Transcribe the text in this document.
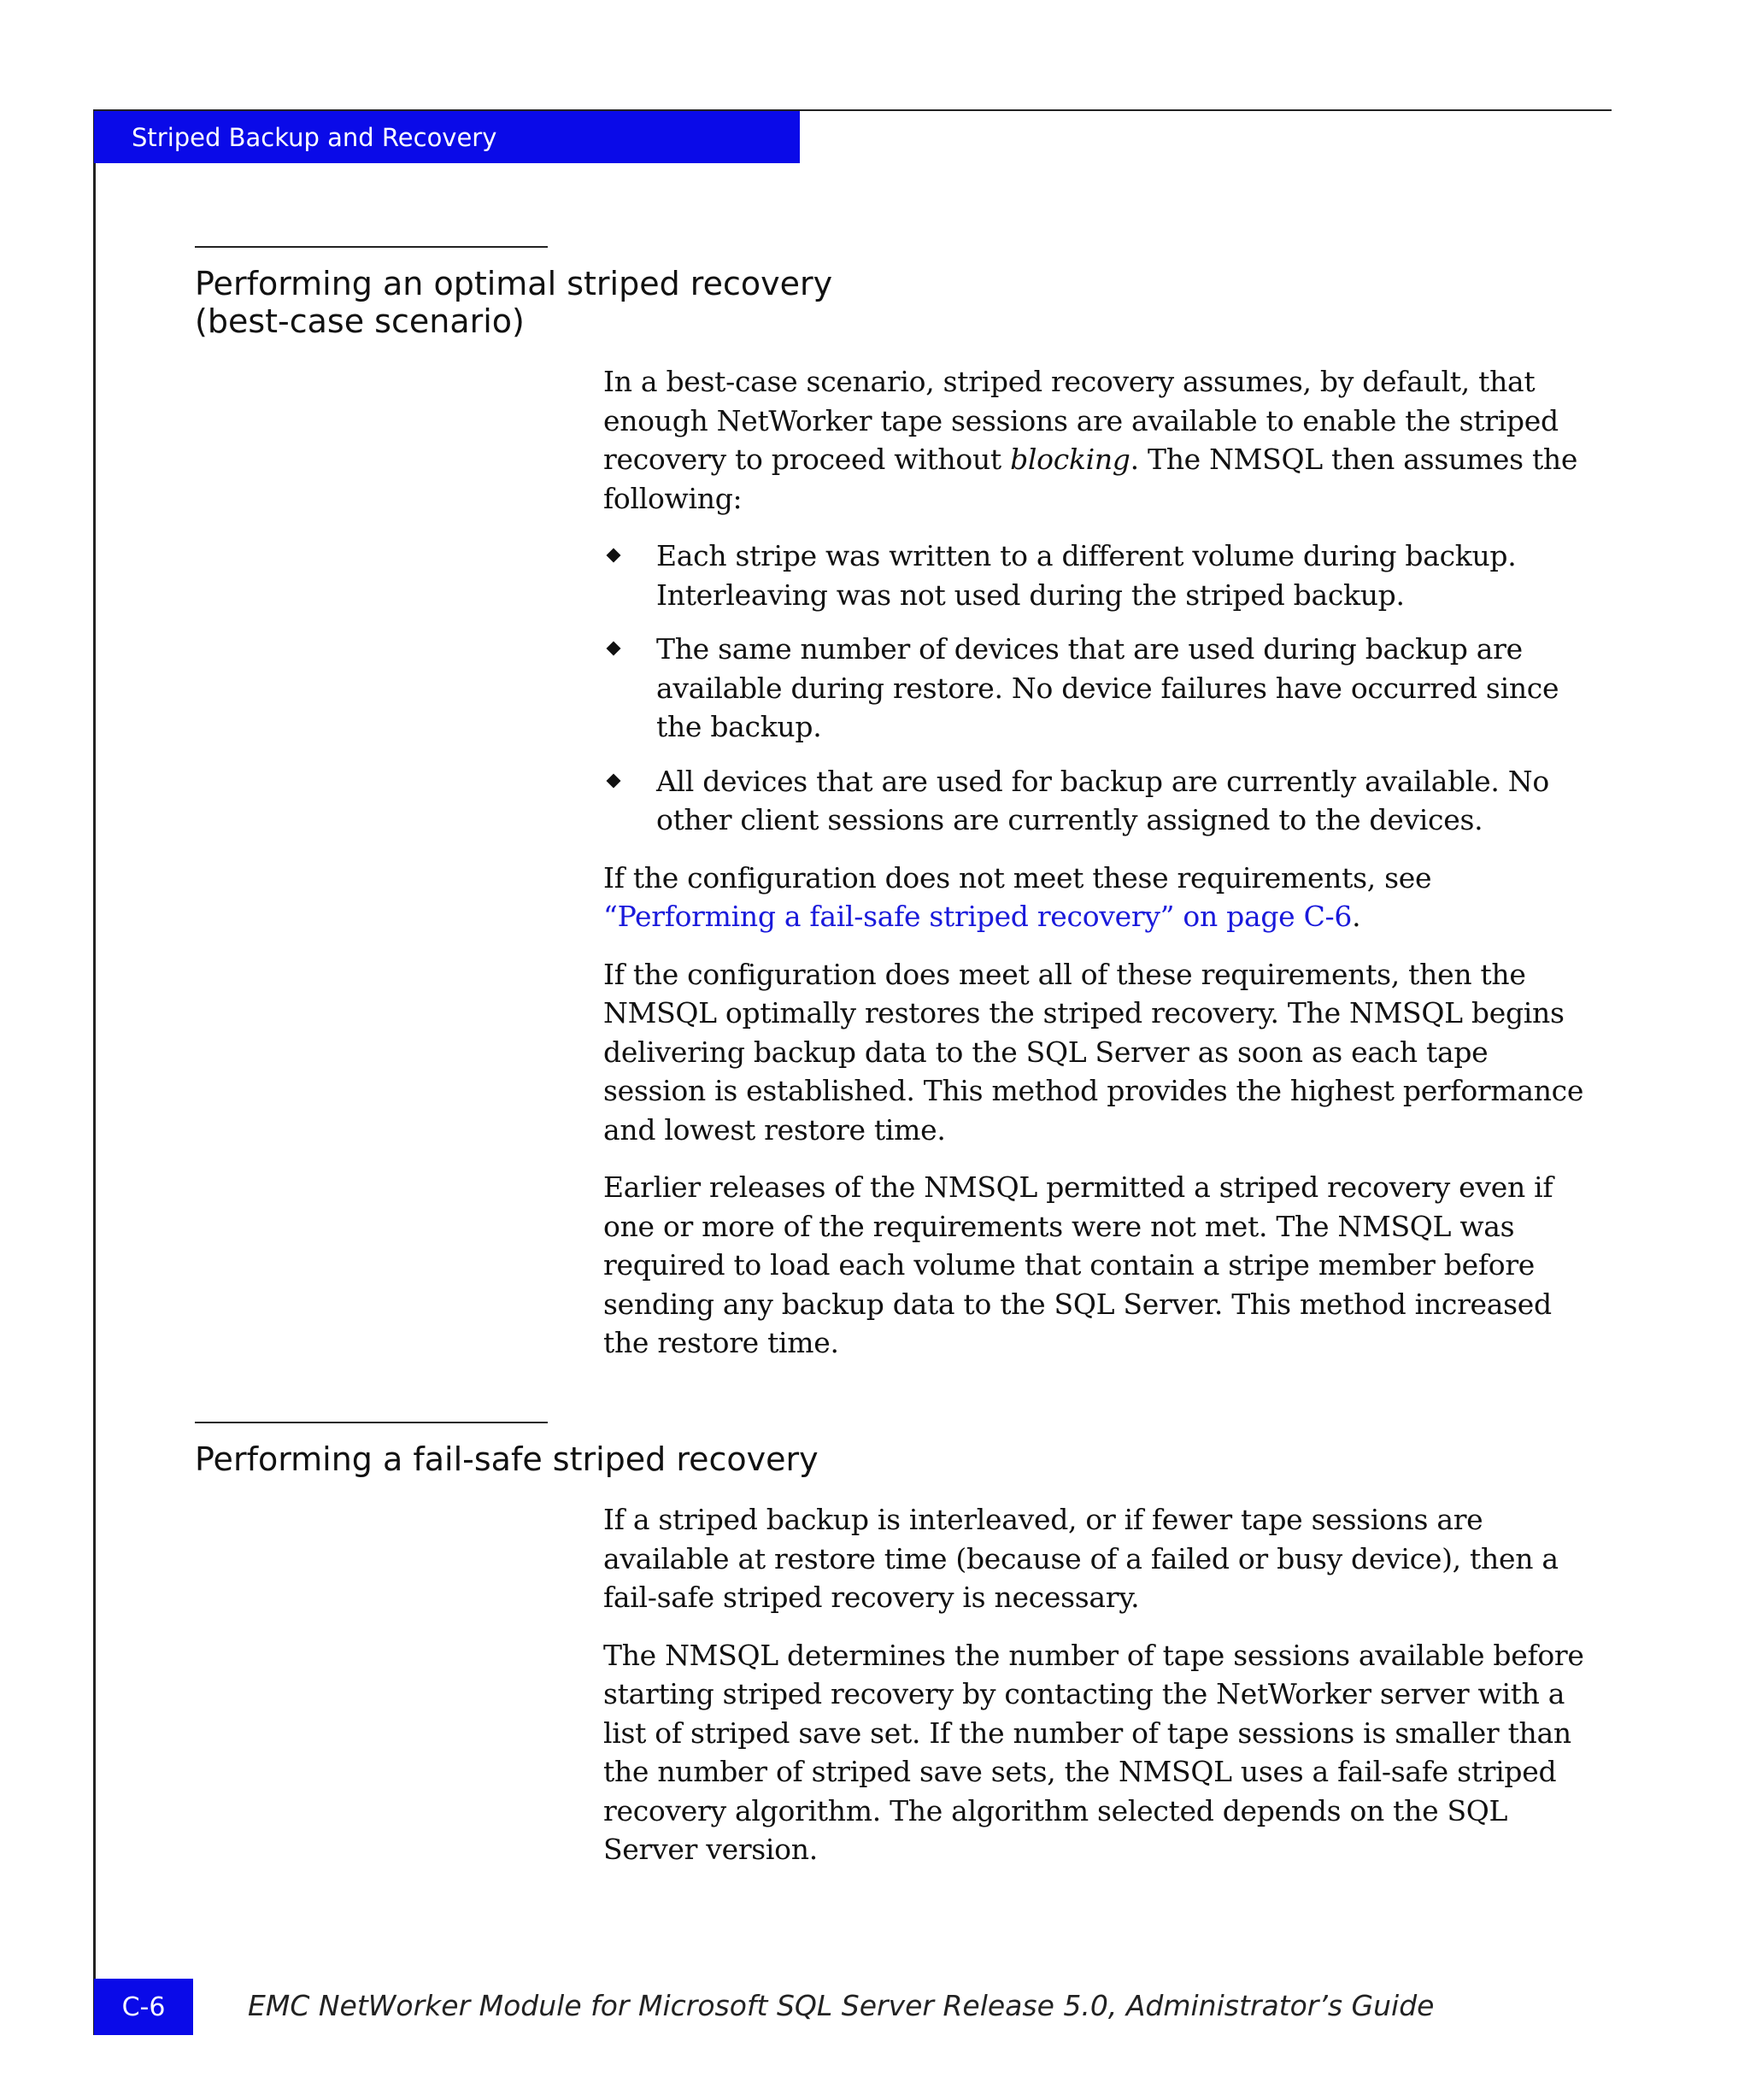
Striped Backup and Recovery
Performing an optimal striped recovery
(best-case scenario)

In a best-case scenario, striped recovery assumes, by default, that enough NetWorker tape sessions are available to enable the striped recovery to proceed without blocking. The NMSQL then assumes the following:

Each stripe was written to a different volume during backup. Interleaving was not used during the striped backup.
The same number of devices that are used during backup are available during restore. No device failures have occurred since the backup.
All devices that are used for backup are currently available. No other client sessions are currently assigned to the devices.

If the configuration does not meet these requirements, see
“Performing a fail-safe striped recovery” on page C-6.

If the configuration does meet all of these requirements, then the NMSQL optimally restores the striped recovery. The NMSQL begins delivering backup data to the SQL Server as soon as each tape session is established. This method provides the highest performance and lowest restore time.

Earlier releases of the NMSQL permitted a striped recovery even if one or more of the requirements were not met. The NMSQL was required to load each volume that contain a stripe member before sending any backup data to the SQL Server. This method increased the restore time.

Performing a fail-safe striped recovery

If a striped backup is interleaved, or if fewer tape sessions are available at restore time (because of a failed or busy device), then a fail-safe striped recovery is necessary.

The NMSQL determines the number of tape sessions available before starting striped recovery by contacting the NetWorker server with a list of striped save set. If the number of tape sessions is smaller than the number of striped save sets, the NMSQL uses a fail-safe striped recovery algorithm. The algorithm selected depends on the SQL Server version.

C-6	EMC NetWorker Module for Microsoft SQL Server Release 5.0, Administrator’s Guide
